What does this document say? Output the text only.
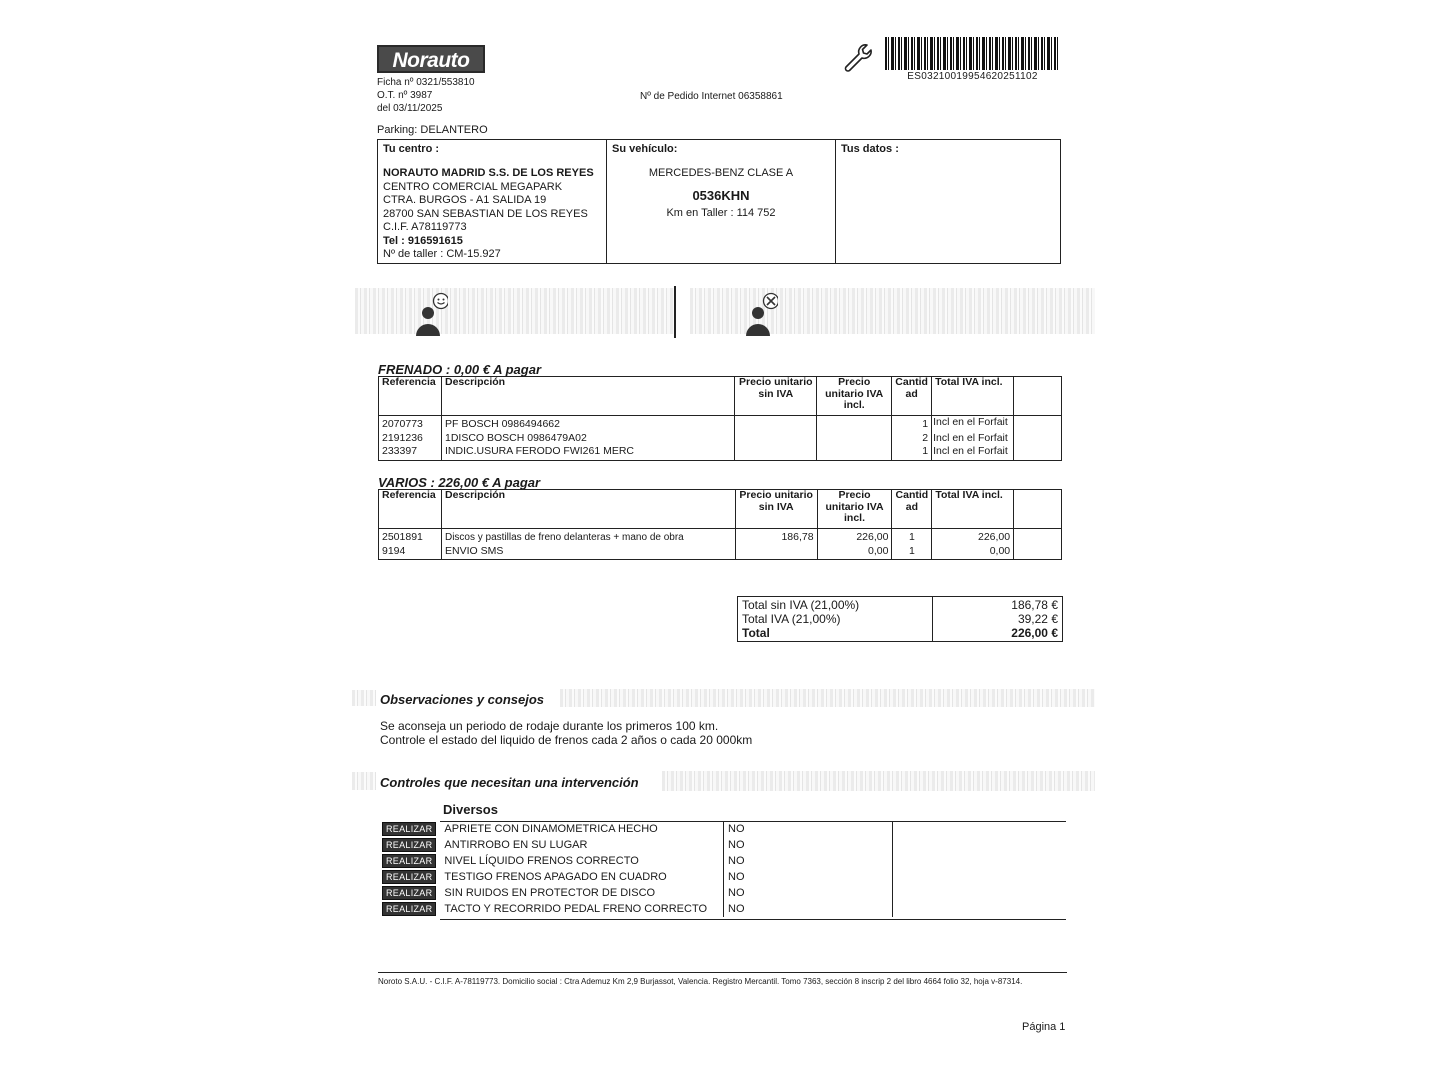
Norauto
Ficha nº 0321/553810
O.T. nº 3987
del 03/11/2025
Nº de Pedido Internet 06358861
ES03210019954620251102
Parking: DELANTERO
Tu centro :
NORAUTO MADRID S.S. DE LOS REYES
CENTRO COMERCIAL MEGAPARK
CTRA. BURGOS - A1 SALIDA 19
28700 SAN SEBASTIAN DE LOS REYES
C.I.F. A78119773
Tel : 916591615
Nº de taller : CM-15.927
Su vehículo:
MERCEDES-BENZ CLASE A
0536KHN
Km en Taller : 114 752
Tus datos :
FRENADO : 0,00 € A pagar
Referencia	Descripción	Precio unitario sin IVA	Precio unitario IVA incl.	Cantidad	Total IVA incl.	
2070773	PF BOSCH 0986494662			1	Incl en el Forfait	
2191236	1DISCO BOSCH 0986479A02			2	Incl en el Forfait	
233397	INDIC.USURA FERODO FWI261 MERC			1	Incl en el Forfait	
VARIOS : 226,00 € A pagar
Referencia	Descripción	Precio unitario sin IVA	Precio unitario IVA incl.	Cantidad	Total IVA incl.	
2501891	Discos y pastillas de freno delanteras + mano de obra	186,78	226,00	1	226,00	
9194	ENVIO SMS		0,00	1	0,00	
Total sin IVA (21,00%)	186,78 €
Total IVA (21,00%)	39,22 €
Total	226,00 €
Observaciones y consejos
Se aconseja un periodo de rodaje durante los primeros 100 km.
Controle el estado del liquido de frenos cada 2 años o cada 20 000km
Controles que necesitan una intervención
Diversos
REALIZAR	APRIETE CON DINAMOMETRICA HECHO	NO	
REALIZAR	ANTIRROBO EN SU LUGAR	NO	
REALIZAR	NIVEL LÍQUIDO FRENOS CORRECTO	NO	
REALIZAR	TESTIGO FRENOS APAGADO EN CUADRO	NO	
REALIZAR	SIN RUIDOS EN PROTECTOR DE DISCO	NO	
REALIZAR	TACTO Y RECORRIDO PEDAL FRENO CORRECTO	NO	
Noroto S.A.U. - C.I.F. A-78119773. Domicilio social : Ctra Ademuz Km 2,9 Burjassot, Valencia. Registro Mercantil. Tomo 7363, sección 8 inscrip 2 del libro 4664 folio 32, hoja v-87314.
Página 1
